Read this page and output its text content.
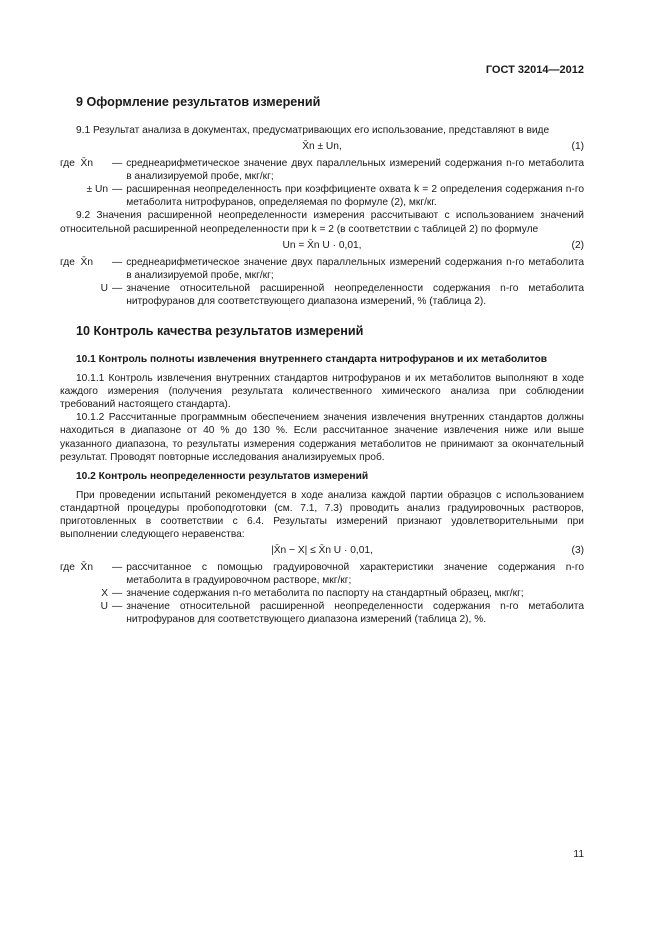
ГОСТ 32014—2012
9 Оформление результатов измерений

9.1 Результат анализа в документах, предусматривающих его использование, представляют в виде

X̄n ± Un,	(1)
где  X̄n	— среднеарифметическое значение двух параллельных измерений содержания n-го метаболита в анализируемой пробе, мкг/кг;
± Un — расширенная неопределенность при коэффициенте охвата k = 2 определения содержания n-го метаболита нитрофуранов, определяемая по формуле (2), мкг/кг.

9.2 Значения расширенной неопределенности измерения рассчитывают с использованием значений относительной расширенной неопределенности при k = 2 (в соответствии с таблицей 2) по формуле

Un = X̄n U · 0,01,	(2)
где  X̄n	— среднеарифметическое значение двух параллельных измерений содержания n-го метаболита в анализируемой пробе, мкг/кг;
U — значение относительной расширенной неопределенности содержания n-го метаболита нитрофуранов для соответствующего диапазона измерений, % (таблица 2).
10 Контроль качества результатов измерений
10.1 Контроль полноты извлечения внутреннего стандарта нитрофуранов и их метаболитов

10.1.1 Контроль извлечения внутренних стандартов нитрофуранов и их метаболитов выполняют в ходе каждого измерения (получения результата количественного химического анализа при соблюдении требований настоящего стандарта).

10.1.2 Рассчитанные программным обеспечением значения извлечения внутренних стандартов должны находиться в диапазоне от 40 % до 130 %. Если рассчитанное значение извлечения ниже или выше указанного диапазона, то результаты измерения содержания метаболитов не принимают за окончательный результат. Проводят повторные исследования анализируемых проб.

10.2 Контроль неопределенности результатов измерений

При проведении испытаний рекомендуется в ходе анализа каждой партии образцов с использованием стандартной процедуры пробоподготовки (см. 7.1, 7.3) проводить анализ градуировочных растворов, приготовленных в соответствии с 6.4. Результаты измерений признают удовлетворительными при выполнении следующего неравенства:

|X̄n − X| ≤ X̄n U · 0,01,	(3)
где  X̄n	— рассчитанное с помощью градуировочной характеристики значение содержания n-го метаболита в градуировочном растворе, мкг/кг;
X — значение содержания n-го метаболита по паспорту на стандартный образец, мкг/кг;
U — значение относительной расширенной неопределенности содержания n-го метаболита нитрофуранов для соответствующего диапазона измерений (таблица 2), %.
11
